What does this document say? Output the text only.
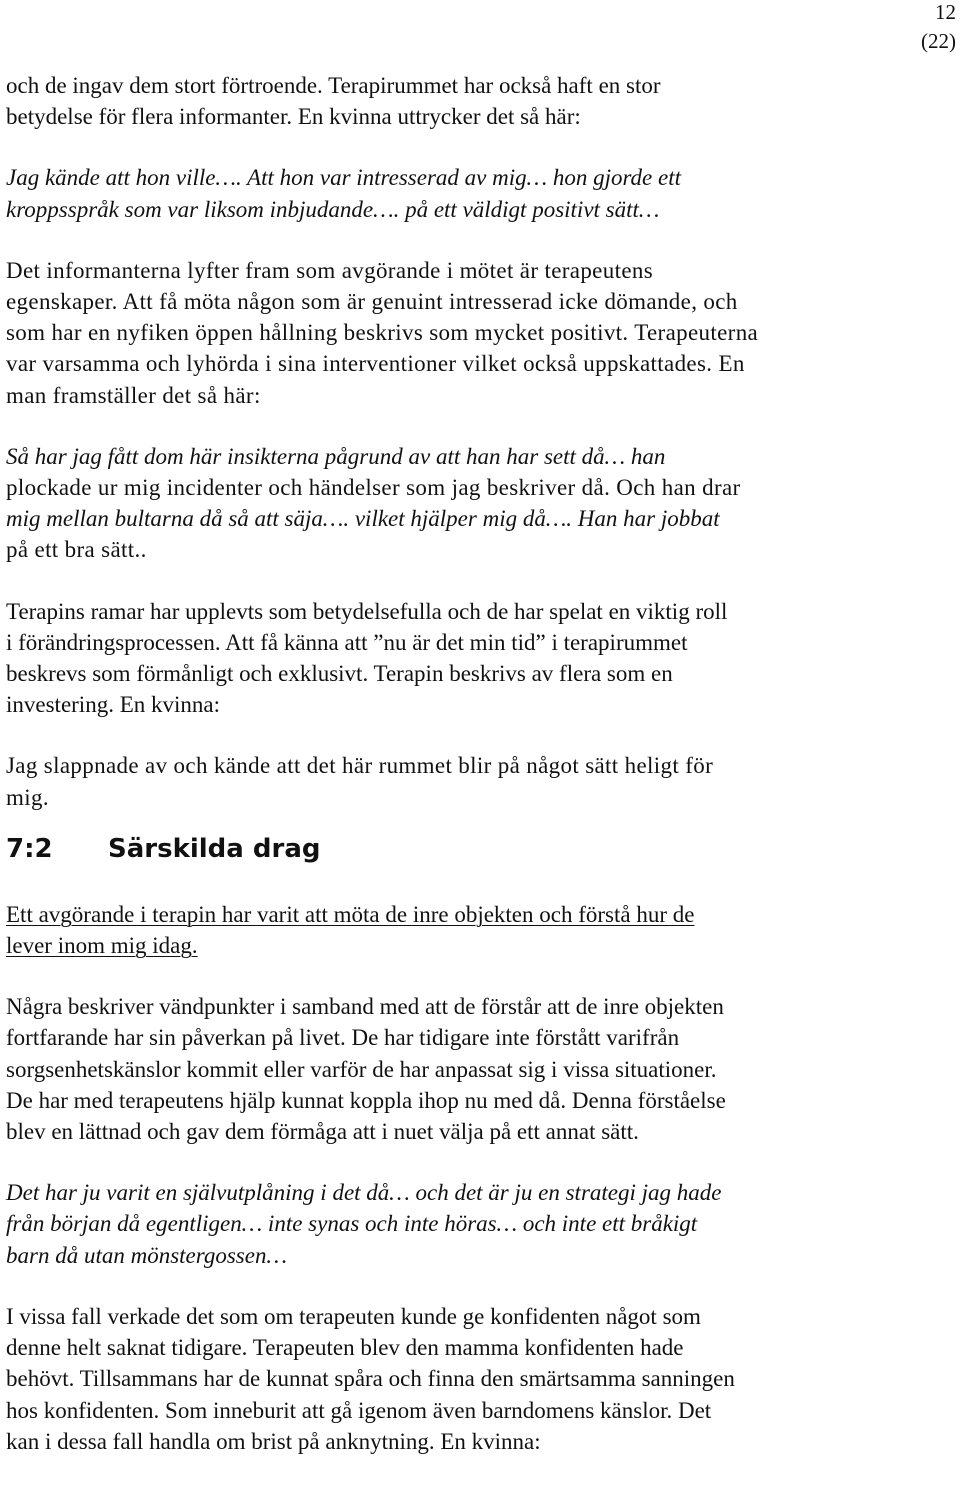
12
(22)

och de ingav dem stort förtroende. Terapirummet har också haft en stor
betydelse för flera informanter. En kvinna uttrycker det så här:

Jag kände att hon ville…. Att hon var intresserad av mig… hon gjorde ett
kroppsspråk som var liksom inbjudande…. på ett väldigt positivt sätt…

Det informanterna lyfter fram som avgörande i mötet är terapeutens
egenskaper. Att få möta någon som är genuint intresserad icke dömande, och
som har en nyfiken öppen hållning beskrivs som mycket positivt. Terapeuterna
var varsamma och lyhörda i sina interventioner vilket också uppskattades. En
man framställer det så här:

Så har jag fått dom här insikterna pågrund av att han har sett då… han
plockade ur mig incidenter och händelser som jag beskriver då. Och han drar
mig mellan bultarna då så att säja…. vilket hjälper mig då…. Han har jobbat
på ett bra sätt..

Terapins ramar har upplevts som betydelsefulla och de har spelat en viktig roll
i förändringsprocessen. Att få känna att ”nu är det min tid” i terapirummet
beskrevs som förmånligt och exklusivt. Terapin beskrivs av flera som en
investering. En kvinna:

Jag slappnade av och kände att det här rummet blir på något sätt heligt för
mig.

7:2 Särskilda drag

Ett avgörande i terapin har varit att möta de inre objekten och förstå hur de
lever inom mig idag.

Några beskriver vändpunkter i samband med att de förstår att de inre objekten
fortfarande har sin påverkan på livet. De har tidigare inte förstått varifrån
sorgsenhetskänslor kommit eller varför de har anpassat sig i vissa situationer.
De har med terapeutens hjälp kunnat koppla ihop nu med då. Denna förståelse
blev en lättnad och gav dem förmåga att i nuet välja på ett annat sätt.

Det har ju varit en självutplåning i det då… och det är ju en strategi jag hade
från början då egentligen… inte synas och inte höras… och inte ett bråkigt
barn då utan mönstergossen…

I vissa fall verkade det som om terapeuten kunde ge konfidenten något som
denne helt saknat tidigare. Terapeuten blev den mamma konfidenten hade
behövt. Tillsammans har de kunnat spåra och finna den smärtsamma sanningen
hos konfidenten. Som inneburit att gå igenom även barndomens känslor. Det
kan i dessa fall handla om brist på anknytning. En kvinna:
